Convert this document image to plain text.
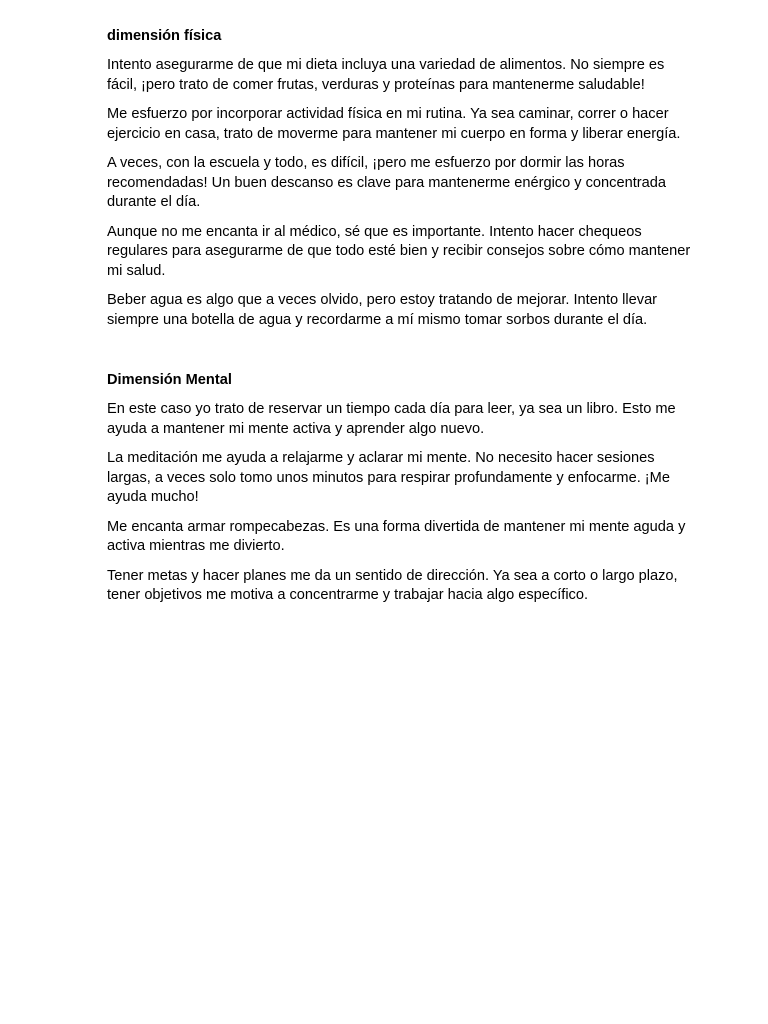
dimensión física

Intento asegurarme de que mi dieta incluya una variedad de alimentos. No siempre es fácil, ¡pero trato de comer frutas, verduras y proteínas para mantenerme saludable!

Me esfuerzo por incorporar actividad física en mi rutina. Ya sea caminar, correr o hacer ejercicio en casa, trato de moverme para mantener mi cuerpo en forma y liberar energía.

A veces, con la escuela y todo, es difícil, ¡pero me esfuerzo por dormir las horas recomendadas! Un buen descanso es clave para mantenerme enérgico y concentrada durante el día.

Aunque no me encanta ir al médico, sé que es importante. Intento hacer chequeos regulares para asegurarme de que todo esté bien y recibir consejos sobre cómo mantener mi salud.

Beber agua es algo que a veces olvido, pero estoy tratando de mejorar. Intento llevar siempre una botella de agua y recordarme a mí mismo tomar sorbos durante el día.

Dimensión Mental

En este caso yo trato de reservar un tiempo cada día para leer, ya sea un libro. Esto me ayuda a mantener mi mente activa y aprender algo nuevo.

La meditación me ayuda a relajarme y aclarar mi mente. No necesito hacer sesiones largas, a veces solo tomo unos minutos para respirar profundamente y enfocarme. ¡Me ayuda mucho!

Me encanta armar rompecabezas. Es una forma divertida de mantener mi mente aguda y activa mientras me divierto.

Tener metas y hacer planes me da un sentido de dirección. Ya sea a corto o largo plazo, tener objetivos me motiva a concentrarme y trabajar hacia algo específico.
